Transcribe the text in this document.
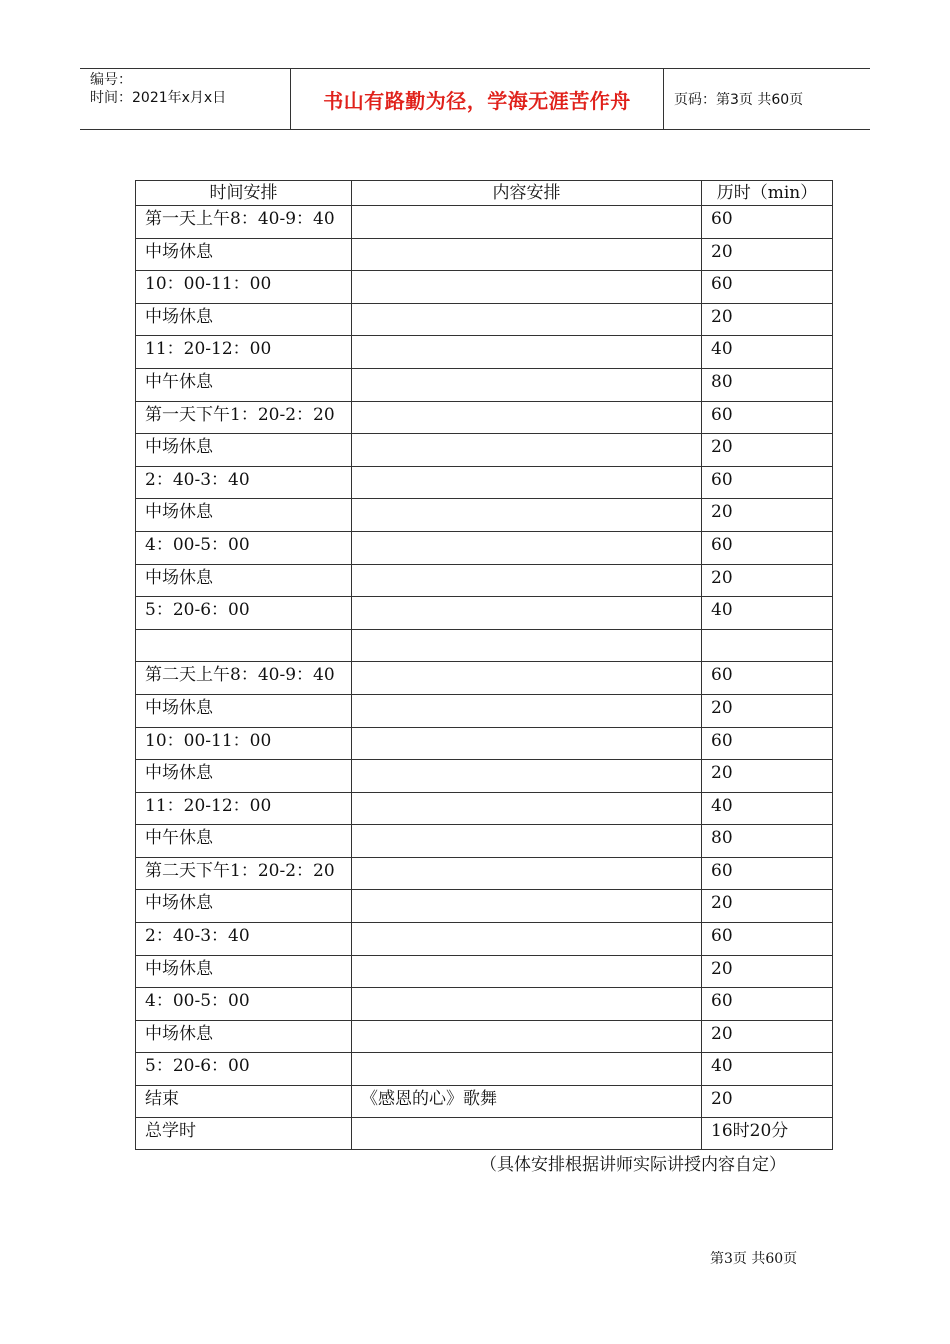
编号：
时间：2021年x月x日	书山有路勤为径，学海无涯苦作舟	页码：第3页 共60页
时间安排	内容安排	历时（min）
第一天上午8：40-9：40		60
中场休息		20
10：00-11：00		60
中场休息		20
11：20-12：00		40
中午休息		80
第一天下午1：20-2：20		60
中场休息		20
2：40-3：40		60
中场休息		20
4：00-5：00		60
中场休息		20
5：20-6：00		40

第二天上午8：40-9：40		60
中场休息		20
10：00-11：00		60
中场休息		20
11：20-12：00		40
中午休息		80
第二天下午1：20-2：20		60
中场休息		20
2：40-3：40		60
中场休息		20
4：00-5：00		60
中场休息		20
5：20-6：00		40
结束	《感恩的心》歌舞	20
总学时		16时20分
（具体安排根据讲师实际讲授内容自定）
第3页 共60页
